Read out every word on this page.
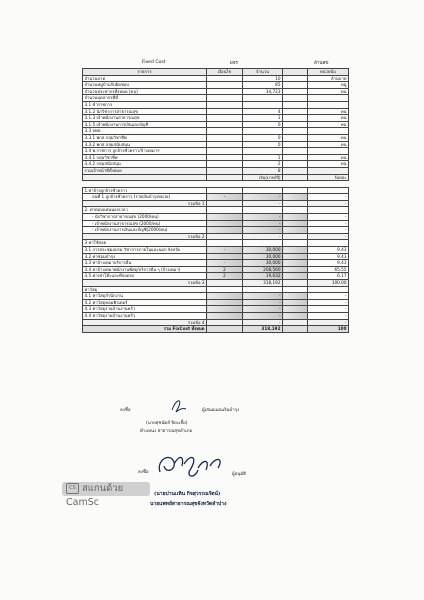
Fixed Cost	ผจร	ล้านสข
รายการ	เงื่อนไข	จำนวน		หน่วยนับ
จำนวนบาท		10		ล้านบาท
จำนวนหมู่บ้านรับผิดชอบ		85		หมู่
จำนวนประชากรทั้งหมด (คน)		34,723		คน
จำนวนบุคลากรที่มี				
3.1 ข้าราชการ				
3.1.2 นักวิชาการสาธารณสุข		4		คน
3.1.3 เจ้าพนักงานสาธารณสุข		1		คน
3.1.5 เจ้าพนักงานการเงินและบัญชี		0		คน
3.3 จพส.				
3.3.1 พกส.กลุ่มวิชาชีพ		0		คน
3.3.2 พกส.กลุ่มสนับสนุน		0		คน
3.4 พ.ราชการ ลูกจ้างชั่วคราว/จ้างเหมาฯ				
3.4.1 กลุ่มวิชาชีพ		1		คน
3.4.2 กลุ่มสนับสนุน		2		คน
รวมเจ้าหน้าที่ทั้งหมด		8		
		เงิน(บาท/ปี)		ร้อยละ

1.ค่าจ้างลูกจ้างชั่วคราว				
ลนที่ 1 ลูกจ้างชั่วคราว (รายเงินบำรุงหน่วย)	-	-		-
รวมข้อ 1		-		-
2. ค่าตอบแทนนอกเวลา				
- นักวิชาการสาธารณสุข (2000/คน)		-		-
- เจ้าพนักงานสาธารณสุข (2000/คน)		-		-
- เจ้าพนักงานการเงินและบัญชี(2000/คน)		-		-
รวมข้อ 2		-		-
3 ค่าใช้สอย				
3.1 การประชุมอบรม วิชาการภายในและนอก จังหวัด	-	30,000		9.43
3.2 ค่าซ่อมบำรุง		30,000		9.43
3.3 ค่าจ้างเหมาบริการอื่น	-	30,000		9.43
3.4 ค่าจ้างเหมาพนักงานพัสดุ/บริการอื่น ๆ (จ้างเหมา)	2	208,560		65.55
3.5 ค่าเช่าโต๊ะและที่จอดรถ	2	19,632		6.17
รวมข้อ 3		318,192		100.00
ค่าวัสดุ				
4.1 ค่าวัสดุสำนักงาน		-		-
4.2 ค่าวัสดุคอมพิวเตอร์		-		-
4.3 ค่าวัสดุงานบ้านงานครัว		-		-
4.4 ค่าวัสดุงานบ้านงานครัว		-		-
รวมข้อ 4		-		-
รวม FixCost ทั้งหมด		318,192		100
ลงชื่อ	ผู้เสนอแผนเงินบำรุง
(นายสุชนัดส์ ปิยะเจี้ย)
ตำแหน่ง สาธารณสุขอำเภอ
ลงชื่อ	ผู้อนุมัติ
CS สแกนด้วย CamSc
(นายปานเเทิน กิจสุวรรณรัตน์)
นายแพทย์สาธารณสุขจังหวัดลำปาง
